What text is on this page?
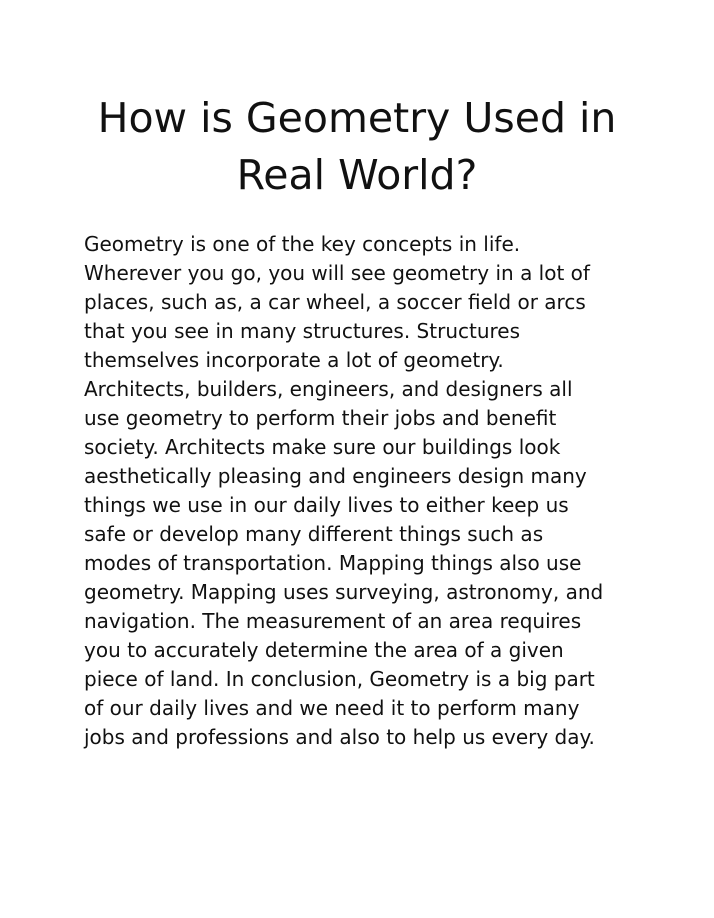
How is Geometry Used in
Real World?

Geometry is one of the key concepts in life.
Wherever you go, you will see geometry in a lot of
places, such as, a car wheel, a soccer field or arcs
that you see in many structures. Structures
themselves incorporate a lot of geometry.
Architects, builders, engineers, and designers all
use geometry to perform their jobs and benefit
society. Architects make sure our buildings look
aesthetically pleasing and engineers design many
things we use in our daily lives to either keep us
safe or develop many different things such as
modes of transportation. Mapping things also use
geometry. Mapping uses surveying, astronomy, and
navigation. The measurement of an area requires
you to accurately determine the area of a given
piece of land. In conclusion, Geometry is a big part
of our daily lives and we need it to perform many
jobs and professions and also to help us every day.
